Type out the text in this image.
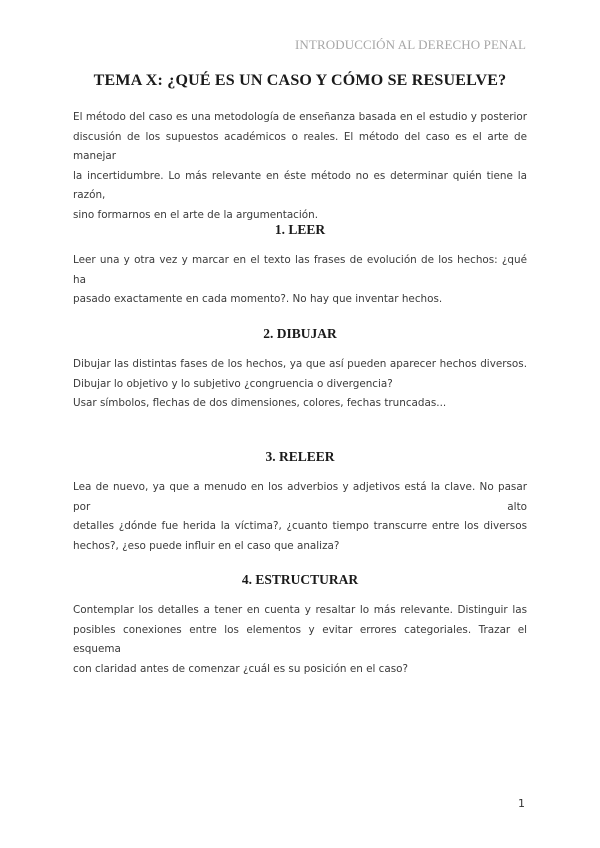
INTRODUCCIÓN AL DERECHO PENAL
TEMA X: ¿QUÉ ES UN CASO Y CÓMO SE RESUELVE?
El método del caso es una metodología de enseñanza basada en el estudio y posterior
discusión de los supuestos académicos o reales. El método del caso es el arte de manejar
la incertidumbre. Lo más relevante en éste método no es determinar quién tiene la razón,
sino formarnos en el arte de la argumentación.
1. LEER
Leer una y otra vez y marcar en el texto las frases de evolución de los hechos: ¿qué ha
pasado exactamente en cada momento?. No hay que inventar hechos.
2. DIBUJAR
Dibujar las distintas fases de los hechos, ya que así pueden aparecer hechos diversos.
Dibujar lo objetivo y lo subjetivo ¿congruencia o divergencia?
Usar símbolos, flechas de dos dimensiones, colores, fechas truncadas...
3. RELEER
Lea de nuevo, ya que a menudo en los adverbios y adjetivos está la clave. No pasar por alto
detalles ¿dónde fue herida la víctima?, ¿cuanto tiempo transcurre entre los diversos
hechos?, ¿eso puede influir en el caso que analiza?
4. ESTRUCTURAR
Contemplar los detalles a tener en cuenta y resaltar lo más relevante. Distinguir las
posibles conexiones entre los elementos y evitar errores categoriales. Trazar el esquema
con claridad antes de comenzar ¿cuál es su posición en el caso?
1
